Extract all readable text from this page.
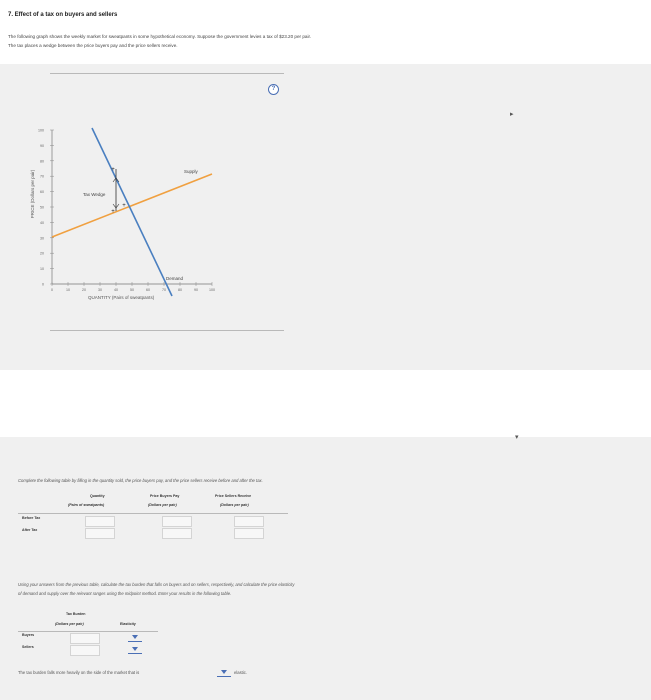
7. Effect of a tax on buyers and sellers
The following graph shows the weekly market for sweatpants in some hypothetical economy. Suppose the government levies a tax of $23.20 per pair.
The tax places a wedge between the price buyers pay and the price sellers receive.
?
▸
PRICE (Dollars per pair)
100
90
80
70
60
50
40
30
20
10
0
0	10	20	30	40	50	60	70	80	90	100
+
+
+
Tax Wedge
Supply
Demand
QUANTITY (Pairs of sweatpants)
▾
Complete the following table by filling in the quantity sold, the price buyers pay, and the price sellers receive before and after the tax.
Quantity
(Pairs of sweatpants)
Price Buyers Pay
(Dollars per pair)
Price Sellers Receive
(Dollars per pair)
Before Tax
After Tax
Using your answers from the previous table, calculate the tax burden that falls on buyers and on sellers, respectively, and calculate the price elasticity
of demand and supply over the relevant ranges using the midpoint method. Enter your results in the following table.
Tax Burden
(Dollars per pair)	Elasticity
Buyers
Sellers
The tax burden falls more heavily on the side of the market that is	elastic.
